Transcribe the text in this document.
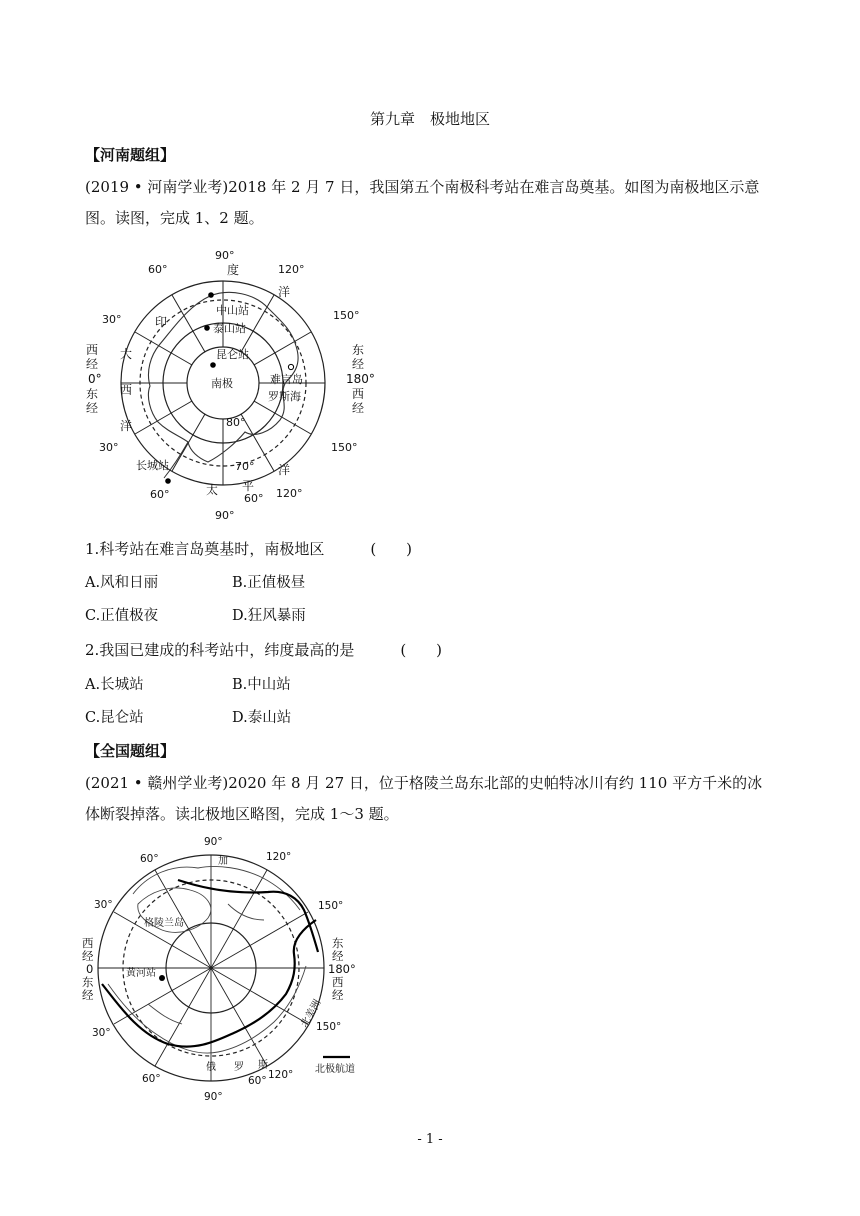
第九章　极地地区
【河南题组】
(2019 • 河南学业考)2018 年 2 月 7 日，我国第五个南极科考站在难言岛奠基。如图为南极地区示意图。读图，完成 1、2 题。
90°
120°
150°
60°
30°
30°
60°
90°
60° 120°
150°
80°
70°
西
经
0°
东
经
东
经
180°
西
经
印
度
洋
大
西
洋
太 平
洋
中山站
泰山站
昆仑站
南极	难言岛
罗斯海
长城站
1.科考站在难言岛奠基时，南极地区	(　　)
A.风和日丽	B.正值极昼
C.正值极夜	D.狂风暴雨
2.我国已建成的科考站中，纬度最高的是	(　　)
A.长城站	B.中山站
C.昆仑站	D.泰山站
【全国题组】
(2021 • 赣州学业考)2020 年 8 月 27 日，位于格陵兰岛东北部的史帕特冰川有约 110 平方千米的冰体断裂掉落。读北极地区略图，完成 1～3 题。
90°
120°
150°
60°
30°
30°
60°
90°
60° 120°
150°
西
经
0
东
经
东
经
180°
西
经
格陵兰岛
黄河站
加
俄 罗 斯
北美洲
北极航道
- 1 -
